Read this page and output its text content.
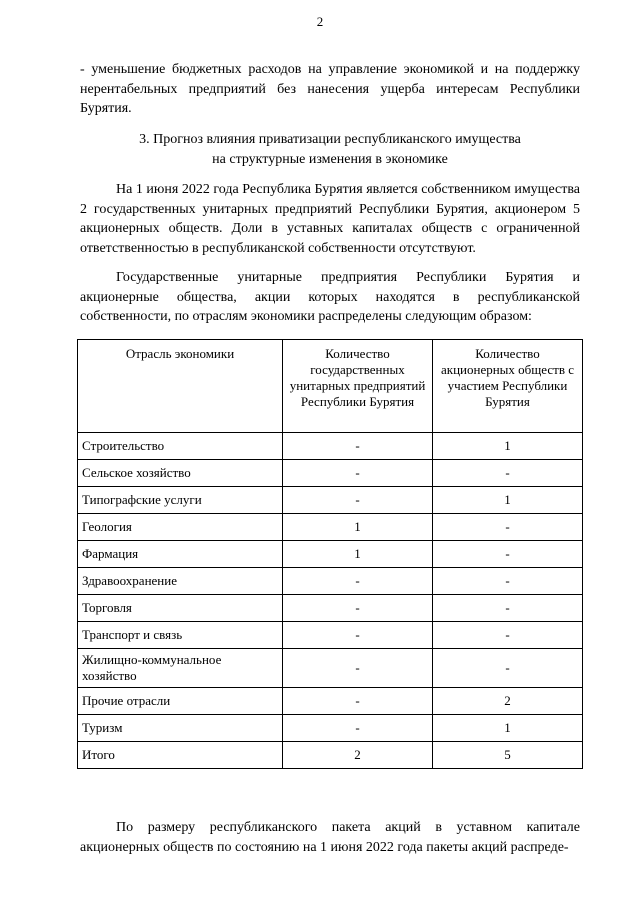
2

- уменьшение бюджетных расходов на управление экономикой и на поддержку нерентабельных предприятий без нанесения ущерба интересам Республики Бурятия.

3. Прогноз влияния приватизации республиканского имущества
на структурные изменения в экономике

На 1 июня 2022 года Республика Бурятия является собственником имущества 2 государственных унитарных предприятий Республики Бурятия, акционером 5 акционерных обществ. Доли в уставных капиталах обществ с ограниченной ответственностью в республиканской собственности отсутствуют.

Государственные унитарные предприятия Республики Бурятия и акционерные общества, акции которых находятся в республиканской собственности, по отраслям экономики распределены следующим образом:

Отрасль экономики	Количество государственных унитарных предприятий Республики Бурятия	Количество акционерных обществ с участием Республики Бурятия
Строительство	-	1
Сельское хозяйство	-	-
Типографские услуги	-	1
Геология	1	-
Фармация	1	-
Здравоохранение	-	-
Торговля	-	-
Транспорт и связь	-	-
Жилищно-коммунальное хозяйство	-	-
Прочие отрасли	-	2
Туризм	-	1
Итого	2	5

По размеру республиканского пакета акций в уставном капитале акционерных обществ по состоянию на 1 июня 2022 года пакеты акций распреде-
